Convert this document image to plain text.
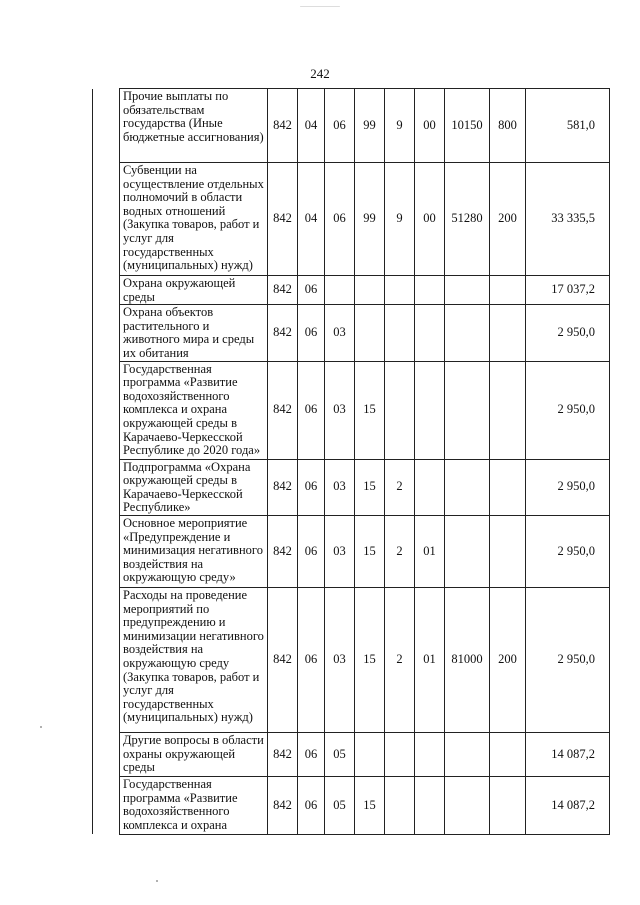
242
	Прочие выплаты по обязательствам государства (Иные бюджетные ассигнования)	842	04	06	99	9	00	10150	800	581,0
	Субвенции на осуществление отдельных полномочий в области водных отношений (Закупка товаров, работ и услуг для государственных (муниципальных) нужд)	842	04	06	99	9	00	51280	200	33 335,5
	Охрана окружающей среды	842	06							17 037,2
	Охрана объектов растительного и животного мира и среды их обитания	842	06	03						2 950,0
	Государственная программа «Развитие водохозяйственного комплекса и охрана окружающей среды в Карачаево-Черкесской Республике до 2020 года»	842	06	03	15					2 950,0
	Подпрограмма «Охрана окружающей среды в Карачаево-Черкесской Республике»	842	06	03	15	2				2 950,0
	Основное мероприятие «Предупреждение и минимизация негативного воздействия на окружающую среду»	842	06	03	15	2	01			2 950,0
	Расходы на проведение мероприятий по предупреждению и минимизации негативного воздействия на окружающую среду (Закупка товаров, работ и услуг для государственных (муниципальных) нужд)	842	06	03	15	2	01	81000	200	2 950,0
	Другие вопросы в области охраны окружающей среды	842	06	05						14 087,2
	Государственная программа «Развитие водохозяйственного комплекса и охрана	842	06	05	15					14 087,2
